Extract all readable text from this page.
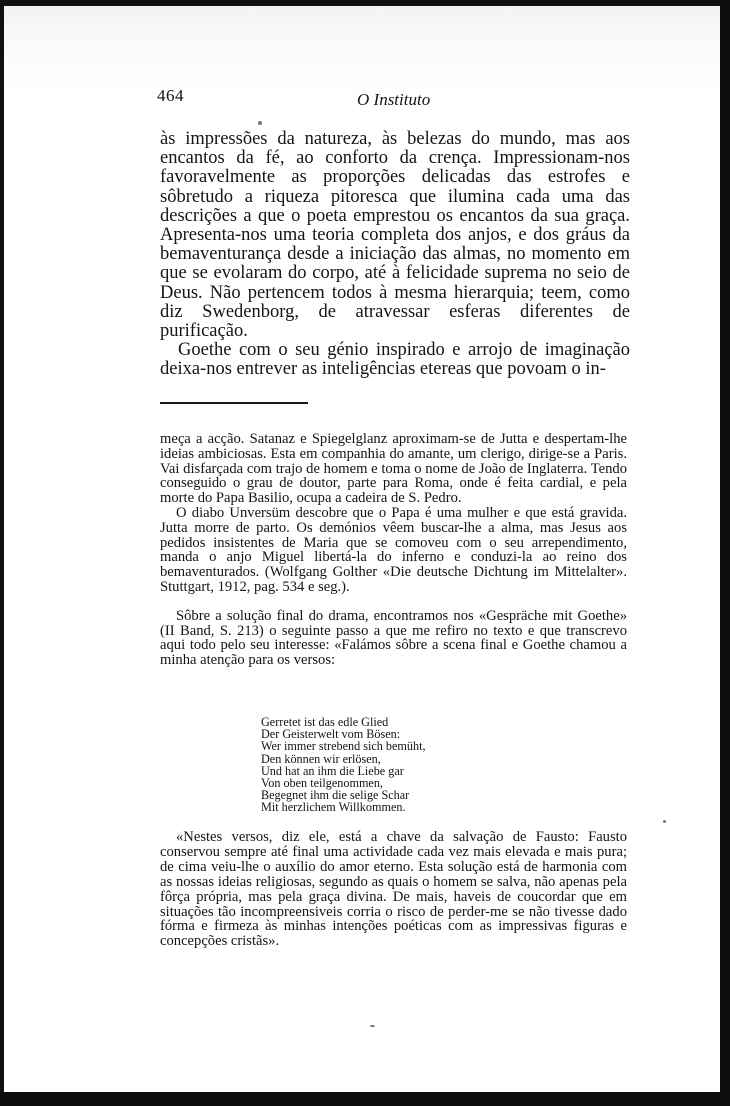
464	O Instituto

às impressões da natureza, às belezas do mundo, mas aos encantos da fé, ao conforto da crença. Impressionam-nos favoravelmente as proporções delicadas das estrofes e sôbretudo a riqueza pitoresca que ilumina cada uma das descrições a que o poeta emprestou os encantos da sua graça. Apresenta-nos uma teoria completa dos anjos, e dos gráus da bemaventurança desde a iniciação das almas, no momento em que se evolaram do corpo, até à felicidade suprema no seio de Deus. Não pertencem todos à mesma hierarquia; teem, como diz Swedenborg, de atravessar esferas diferentes de purificação.

Goethe com o seu génio inspirado e arrojo de imaginação deixa-nos entrever as inteligências etereas que povoam o in-

meça a acção. Satanaz e Spiegelglanz aproximam-se de Jutta e despertam-lhe ideias ambiciosas. Esta em companhia do amante, um clerigo, dirige-se a Paris. Vai disfarçada com trajo de homem e toma o nome de João de Inglaterra. Tendo conseguido o grau de doutor, parte para Roma, onde é feita cardial, e pela morte do Papa Basilio, ocupa a cadeira de S. Pedro.

O diabo Unversüm descobre que o Papa é uma mulher e que está gravida. Jutta morre de parto. Os demónios vêem buscar-lhe a alma, mas Jesus aos pedidos insistentes de Maria que se comoveu com o seu arrependimento, manda o anjo Miguel libertá-la do inferno e conduzi-la ao reino dos bemaventurados. (Wolfgang Golther «Die deutsche Dichtung im Mittelalter». Stuttgart, 1912, pag. 534 e seg.).

Sôbre a solução final do drama, encontramos nos «Gespräche mit Goethe» (II Band, S. 213) o seguinte passo a que me refiro no texto e que transcrevo aqui todo pelo seu interesse: «Falámos sôbre a scena final e Goethe chamou a minha atenção para os versos:

Gerretet ist das edle Glied
Der Geisterwelt vom Bösen:
Wer immer strebend sich bemüht,
Den können wir erlösen,
Und hat an ihm die Liebe gar
Von oben teilgenommen,
Begegnet ihm die selige Schar
Mit herzlichem Willkommen.

«Nestes versos, diz ele, está a chave da salvação de Fausto: Fausto conservou sempre até final uma actividade cada vez mais elevada e mais pura; de cima veiu-lhe o auxílio do amor eterno. Esta solução está de harmonia com as nossas ideias religiosas, segundo as quais o homem se salva, não apenas pela fôrça própria, mas pela graça divina. De mais, haveis de coucordar que em situações tão incompreensiveis corria o risco de perder-me se não tivesse dado fórma e firmeza às minhas intenções poéticas com as impressivas figuras e concepções cristãs».
